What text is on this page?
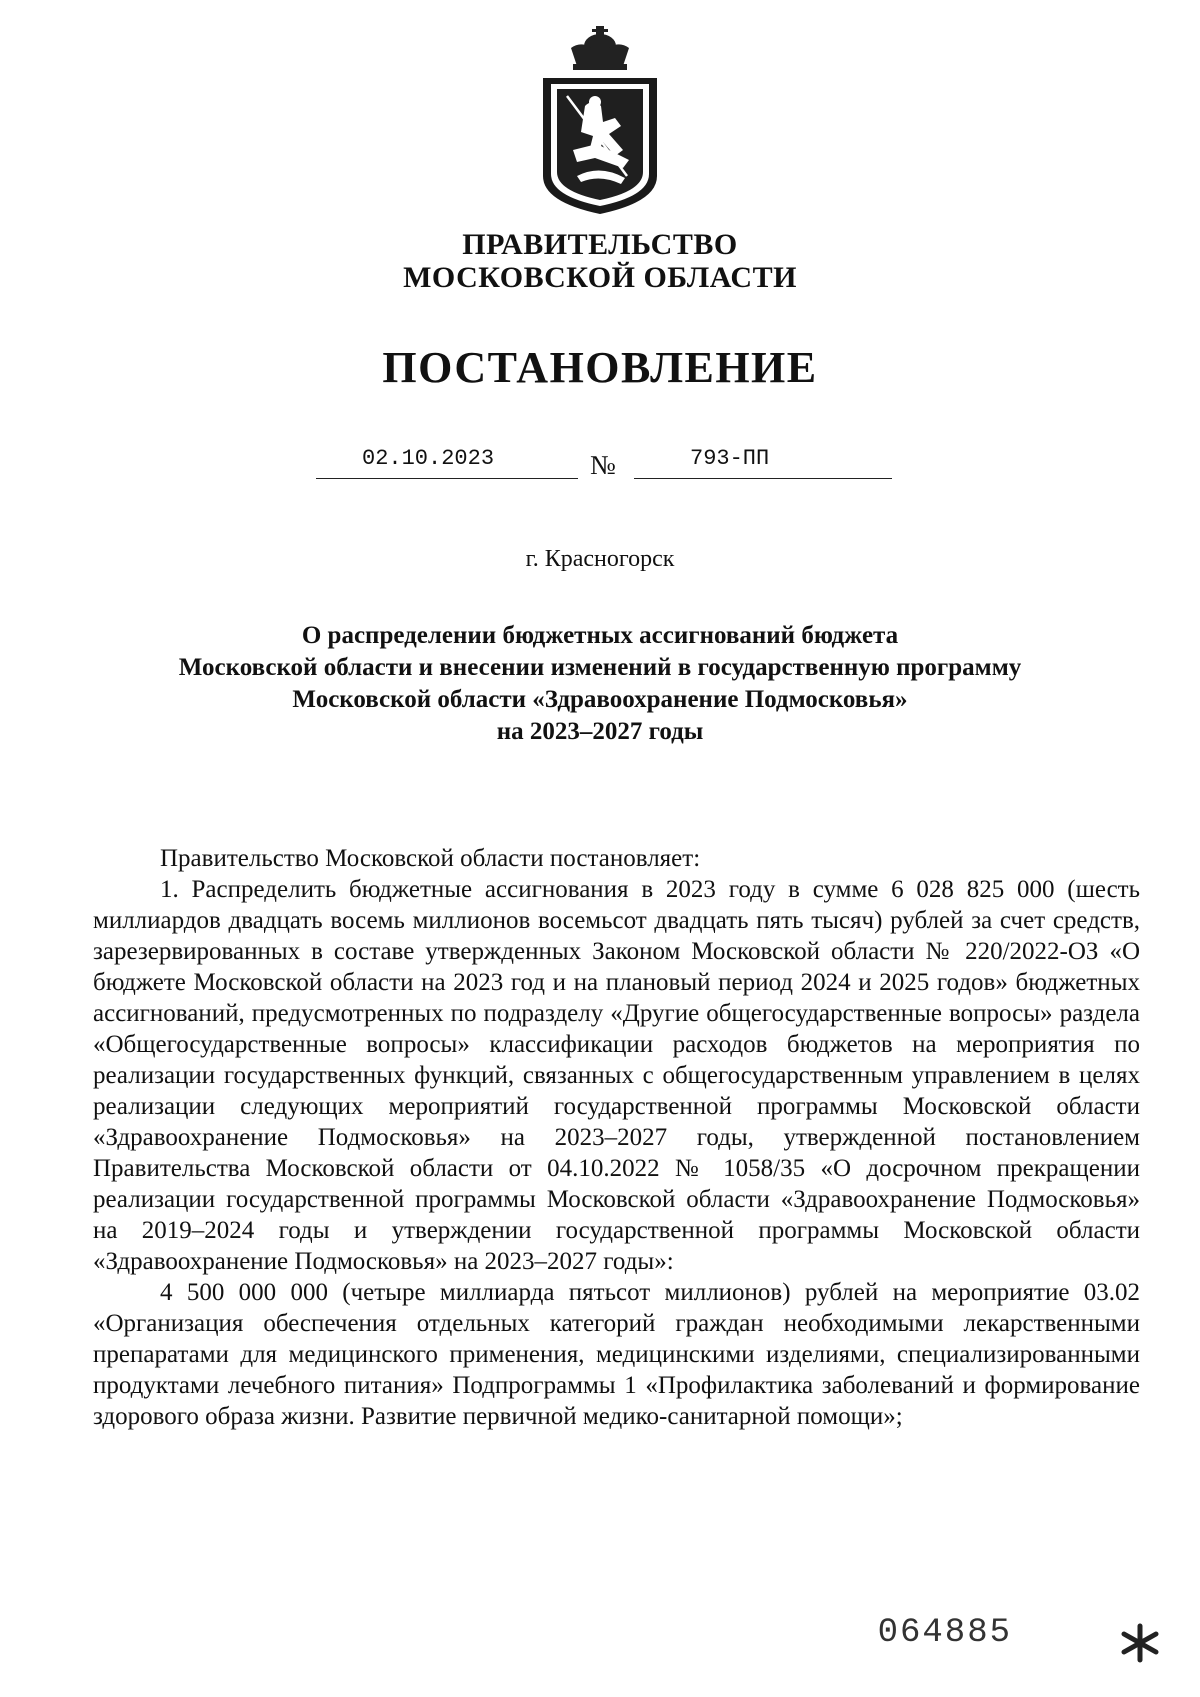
ПРАВИТЕЛЬСТВО
МОСКОВСКОЙ ОБЛАСТИ
ПОСТАНОВЛЕНИЕ
02.10.2023	№	793-ПП
г. Красногорск
О распределении бюджетных ассигнований бюджета
Московской области и внесении изменений в государственную программу
Московской области «Здравоохранение Подмосковья»
на 2023–2027 годы

Правительство Московской области постановляет:

1. Распределить бюджетные ассигнования в 2023 году в сумме 6 028 825 000 (шесть миллиардов двадцать восемь миллионов восемьсот двадцать пять тысяч) рублей за счет средств, зарезервированных в составе утвержденных Законом Московской области № 220/2022-ОЗ «О бюджете Московской области на 2023 год и на плановый период 2024 и 2025 годов» бюджетных ассигнований, предусмотренных по подразделу «Другие общегосударственные вопросы» раздела «Общегосударственные вопросы» классификации расходов бюджетов на мероприятия по реализации государственных функций, связанных с общегосударственным управлением в целях реализации следующих мероприятий государственной программы Московской области «Здравоохранение Подмосковья» на 2023–2027 годы, утвержденной постановлением Правительства Московской области от 04.10.2022 № 1058/35 «О досрочном прекращении реализации государственной программы Московской области «Здравоохранение Подмосковья» на 2019–2024 годы и утверждении государственной программы Московской области «Здравоохранение Подмосковья» на 2023–2027 годы»:

4 500 000 000 (четыре миллиарда пятьсот миллионов) рублей на мероприятие 03.02 «Организация обеспечения отдельных категорий граждан необходимыми лекарственными препаратами для медицинского применения, медицинскими изделиями, специализированными продуктами лечебного питания» Подпрограммы 1 «Профилактика заболеваний и формирование здорового образа жизни. Развитие первичной медико-санитарной помощи»;

064885
